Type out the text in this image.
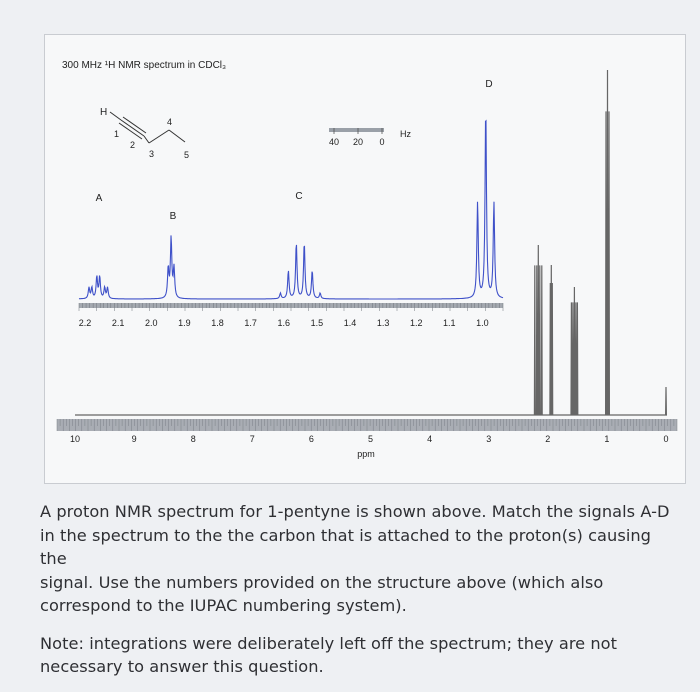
300 MHz ¹H NMR spectrum in CDCl₃
H
1
2
3
4
5
40 20 0
Hz
2.2 2.1 2.0 1.9 1.8 1.7 1.6 1.5 1.4 1.3 1.2 1.1 1.0
A
B
C
D
10	9	8	7	6	5	4	3	2	1	0
ppm

A proton NMR spectrum for 1-pentyne is shown above. Match the signals A-D
in the spectrum to the the carbon that is attached to the proton(s) causing the
signal. Use the numbers provided on the structure above (which also
correspond to the IUPAC numbering system).

Note: integrations were deliberately left off the spectrum; they are not
necessary to answer this question.
